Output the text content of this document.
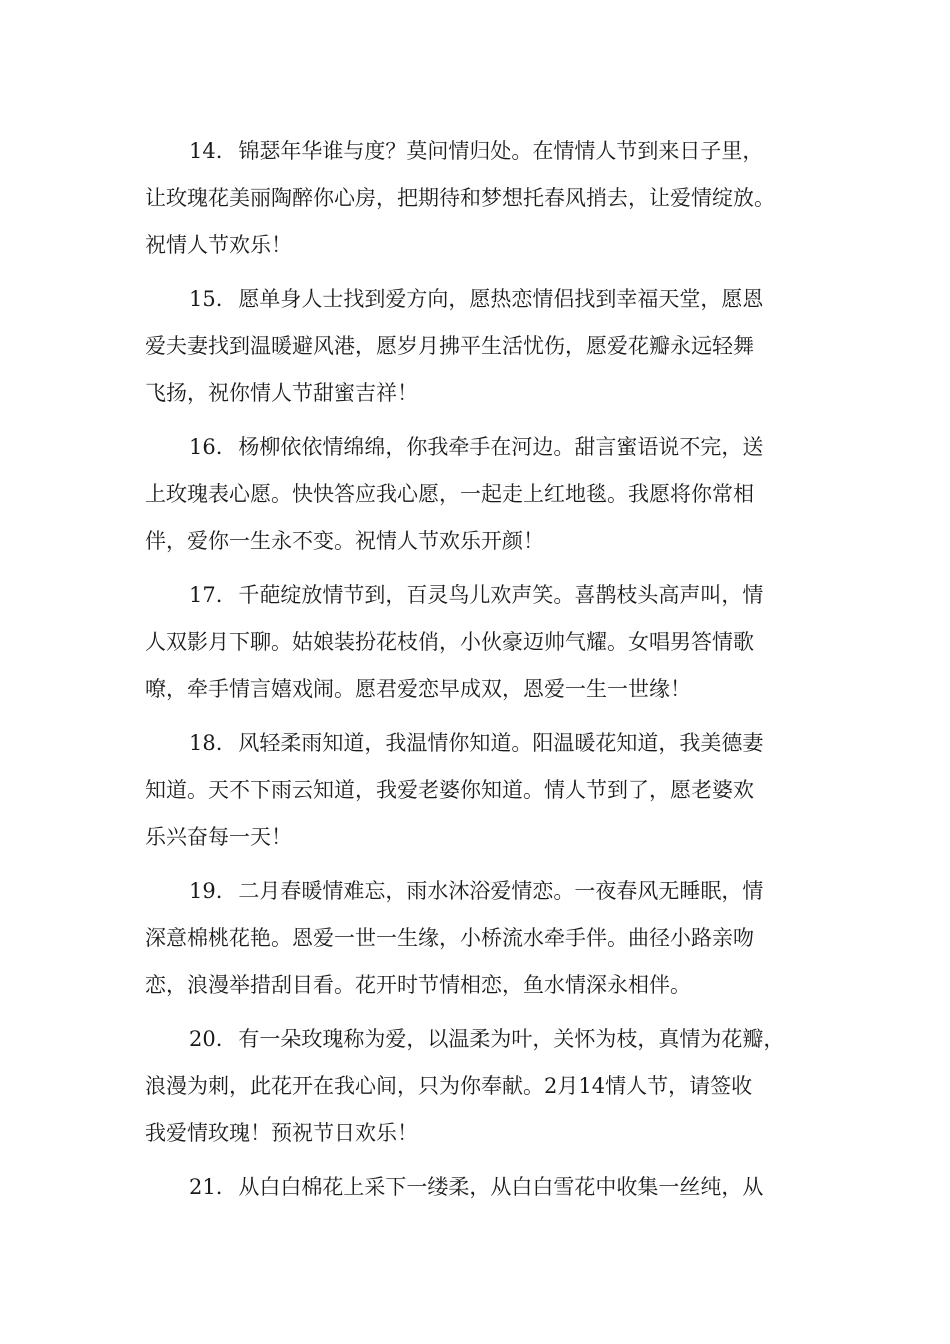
14. 锦瑟年华谁与度？莫问情归处。在情情人节到来日子里，
让玫瑰花美丽陶醉你心房，把期待和梦想托春风捎去，让爱情绽放。
祝情人节欢乐！
15. 愿单身人士找到爱方向，愿热恋情侣找到幸福天堂，愿恩
爱夫妻找到温暖避风港，愿岁月拂平生活忧伤，愿爱花瓣永远轻舞
飞扬，祝你情人节甜蜜吉祥！
16. 杨柳依依情绵绵，你我牵手在河边。甜言蜜语说不完，送
上玫瑰表心愿。快快答应我心愿，一起走上红地毯。我愿将你常相
伴，爱你一生永不变。祝情人节欢乐开颜！
17. 千葩绽放情节到，百灵鸟儿欢声笑。喜鹊枝头高声叫，情
人双影月下聊。姑娘装扮花枝俏，小伙豪迈帅气耀。女唱男答情歌
嘹，牵手情言嬉戏闹。愿君爱恋早成双，恩爱一生一世缘！
18. 风轻柔雨知道，我温情你知道。阳温暖花知道，我美德妻
知道。天不下雨云知道，我爱老婆你知道。情人节到了，愿老婆欢
乐兴奋每一天！
19. 二月春暖情难忘，雨水沐浴爱情恋。一夜春风无睡眠，情
深意棉桃花艳。恩爱一世一生缘，小桥流水牵手伴。曲径小路亲吻
恋，浪漫举措刮目看。花开时节情相恋，鱼水情深永相伴。
20. 有一朵玫瑰称为爱，以温柔为叶，关怀为枝，真情为花瓣，
浪漫为刺，此花开在我心间，只为你奉献。2月14情人节，请签收
我爱情玫瑰！预祝节日欢乐！
21. 从白白棉花上采下一缕柔，从白白雪花中收集一丝纯，从
